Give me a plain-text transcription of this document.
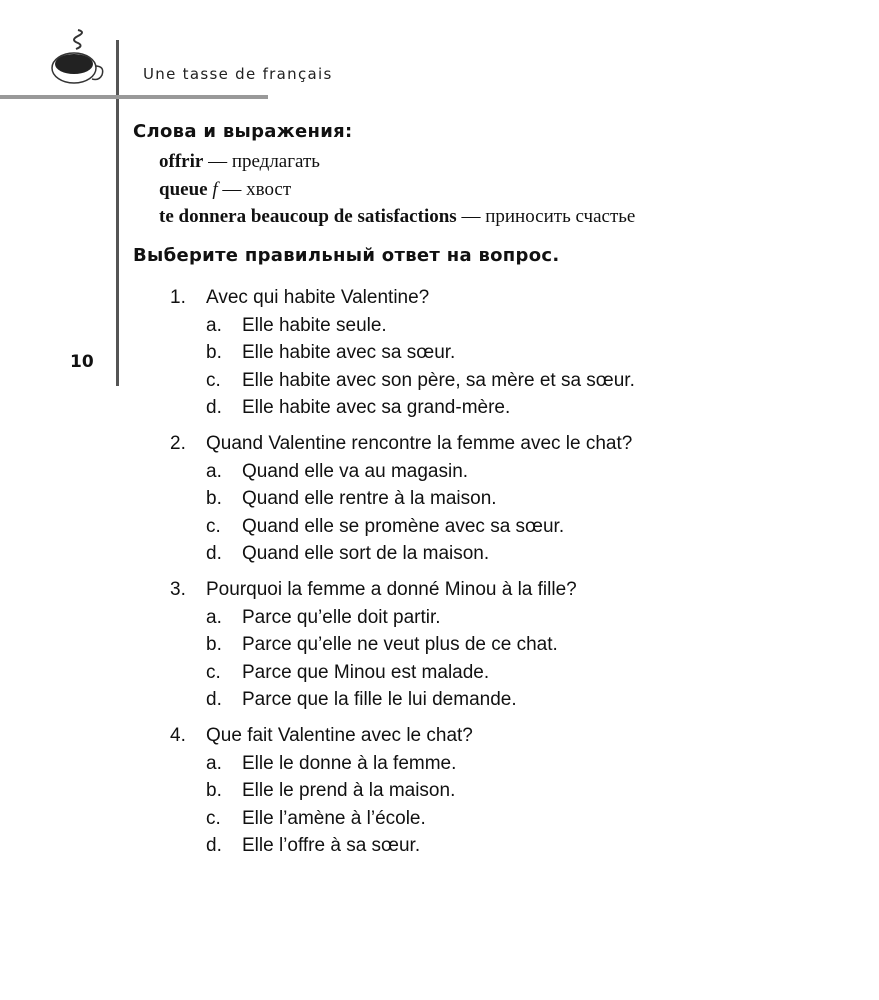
Une tasse de français
10
Слова и выражения:
offrir — предлагать
queue f — хвост
te donnera beaucoup de satisfactions — приносить счастье
Выберите правильный ответ на вопрос.
1.	Avec qui habite Valentine?
a.	Elle habite seule.
b.	Elle habite avec sa sœur.
c.	Elle habite avec son père, sa mère et sa sœur.
d.	Elle habite avec sa grand-mère.
2.	Quand Valentine rencontre la femme avec le chat?
a.	Quand elle va au magasin.
b.	Quand elle rentre à la maison.
c.	Quand elle se promène avec sa sœur.
d.	Quand elle sort de la maison.
3.	Pourquoi la femme a donné Minou à la fille?
a.	Parce qu’elle doit partir.
b.	Parce qu’elle ne veut plus de ce chat.
c.	Parce que Minou est malade.
d.	Parce que la fille le lui demande.
4.	Que fait Valentine avec le chat?
a.	Elle le donne à la femme.
b.	Elle le prend à la maison.
c.	Elle l’amène à l’école.
d.	Elle l’offre à sa sœur.
